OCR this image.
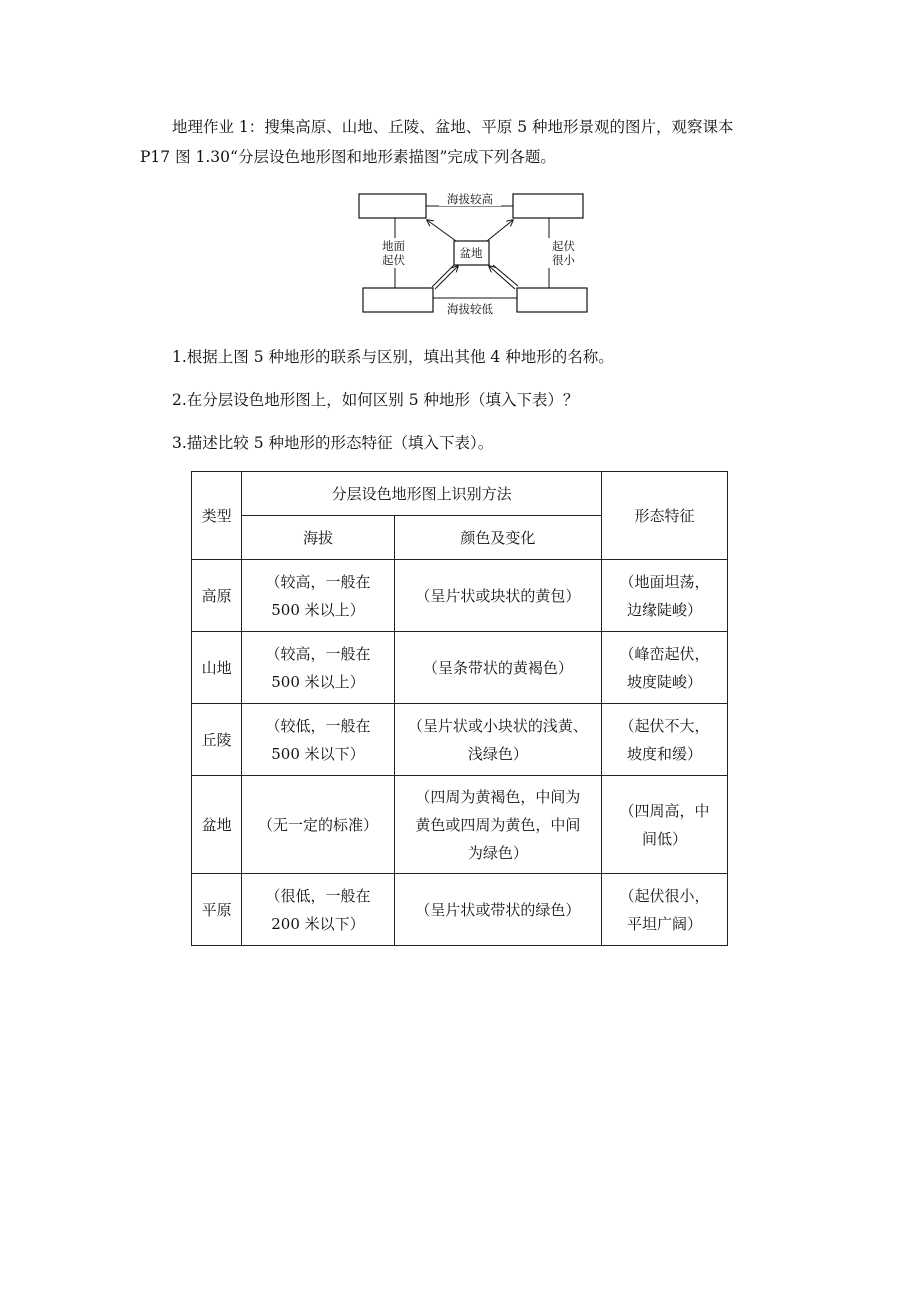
地理作业 1：搜集高原、山地、丘陵、盆地、平原 5 种地形景观的图片，观察课本
P17 图 1.30“分层设色地形图和地形素描图”完成下列各题。
海拔较高
海拔较低
地面
起伏
起伏
很小
盆地
1.根据上图 5 种地形的联系与区别，填出其他 4 种地形的名称。
2.在分层设色地形图上，如何区别 5 种地形（填入下表）？
3.描述比较 5 种地形的形态特征（填入下表）。
类型	分层设色地形图上识别方法		形态特征
	海拔	颜色及变化	
高原	（较高，一般在
500 米以上）	（呈片状或块状的黄包）	（地面坦荡，
边缘陡峻）
山地	（较高，一般在
500 米以上）	（呈条带状的黄褐色）	（峰峦起伏，
坡度陡峻）
丘陵	（较低，一般在
500 米以下）	（呈片状或小块状的浅黄、
浅绿色）	（起伏不大，
坡度和缓）
盆地	（无一定的标准）	（四周为黄褐色，中间为
黄色或四周为黄色，中间
为绿色）	（四周高，中
间低）
平原	（很低，一般在
200 米以下）	（呈片状或带状的绿色）	（起伏很小，
平坦广阔）
